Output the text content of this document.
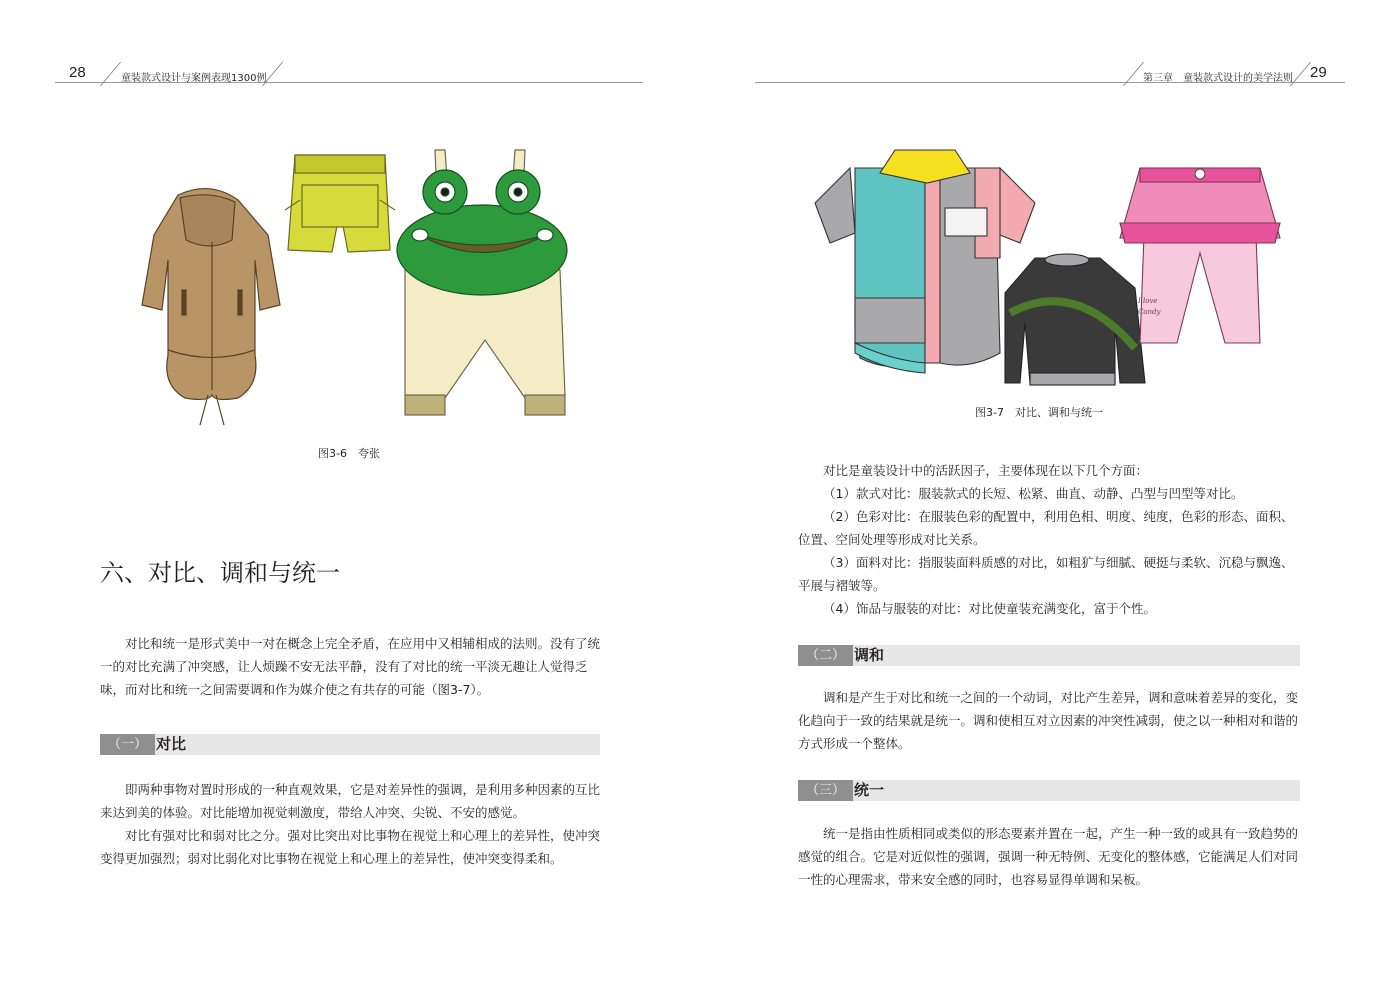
28	童装款式设计与案例表现1300例	第三章　童装款式设计的美学法则 29
图3-6　夸张
六、对比、调和与统一

对比和统一是形式美中一对在概念上完全矛盾，在应用中又相辅相成的法则。没有了统一的对比充满了冲突感，让人烦躁不安无法平静，没有了对比的统一平淡无趣让人觉得乏味，而对比和统一之间需要调和作为媒介使之有共存的可能（图3-7）。

（一） 对比

即两种事物对置时形成的一种直观效果，它是对差异性的强调，是利用多种因素的互比来达到美的体验。对比能增加视觉刺激度，带给人冲突、尖锐、不安的感觉。

对比有强对比和弱对比之分。强对比突出对比事物在视觉上和心理上的差异性，使冲突变得更加强烈；弱对比弱化对比事物在视觉上和心理上的差异性，使冲突变得柔和。

I love
Candy
图3-7　对比、调和与统一

对比是童装设计中的活跃因子，主要体现在以下几个方面：

（1）款式对比：服装款式的长短、松紧、曲直、动静、凸型与凹型等对比。

（2）色彩对比：在服装色彩的配置中，利用色相、明度、纯度，色彩的形态、面积、位置、空间处理等形成对比关系。

（3）面料对比：指服装面料质感的对比，如粗犷与细腻、硬挺与柔软、沉稳与飘逸、平展与褶皱等。

（4）饰品与服装的对比：对比使童装充满变化，富于个性。

（二） 调和

调和是产生于对比和统一之间的一个动词，对比产生差异，调和意味着差异的变化，变化趋向于一致的结果就是统一。调和使相互对立因素的冲突性减弱，使之以一种相对和谐的方式形成一个整体。

（三） 统一

统一是指由性质相同或类似的形态要素并置在一起，产生一种一致的或具有一致趋势的感觉的组合。它是对近似性的强调，强调一种无特例、无变化的整体感，它能满足人们对同一性的心理需求，带来安全感的同时，也容易显得单调和呆板。
